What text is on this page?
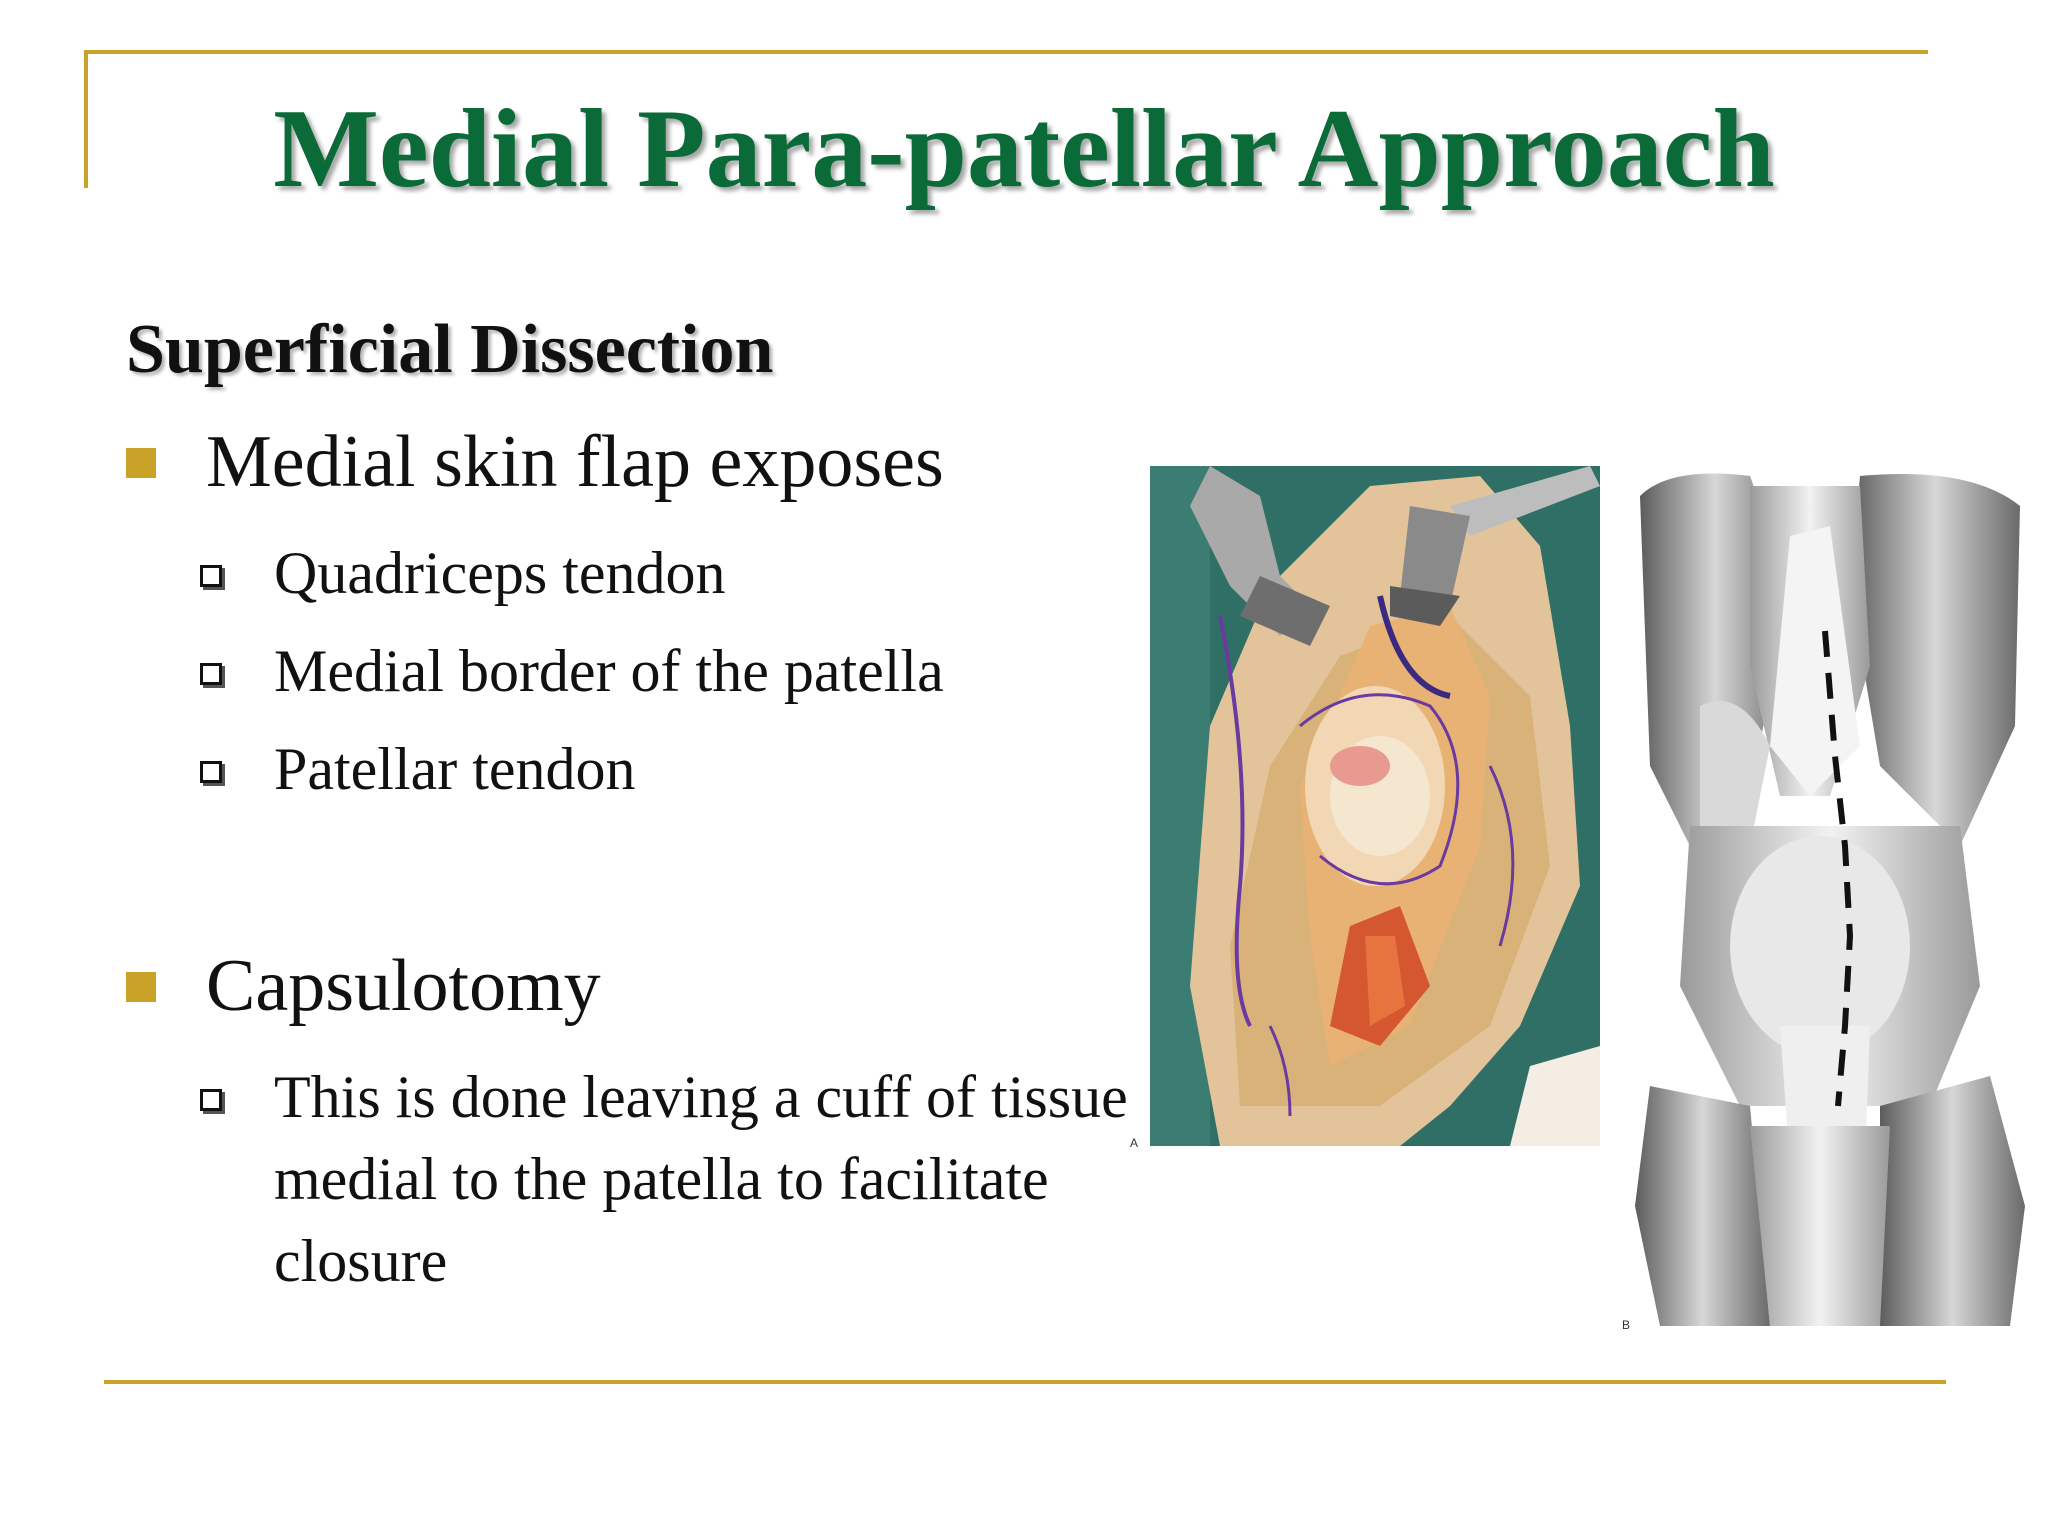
Medial Para-patellar Approach
Superficial Dissection
Medial skin flap exposes
Quadriceps tendon
Medial border of the patella
Patellar tendon
Capsulotomy
This is done leaving a cuff of tissue medial to the patella to facilitate closure
A
B
